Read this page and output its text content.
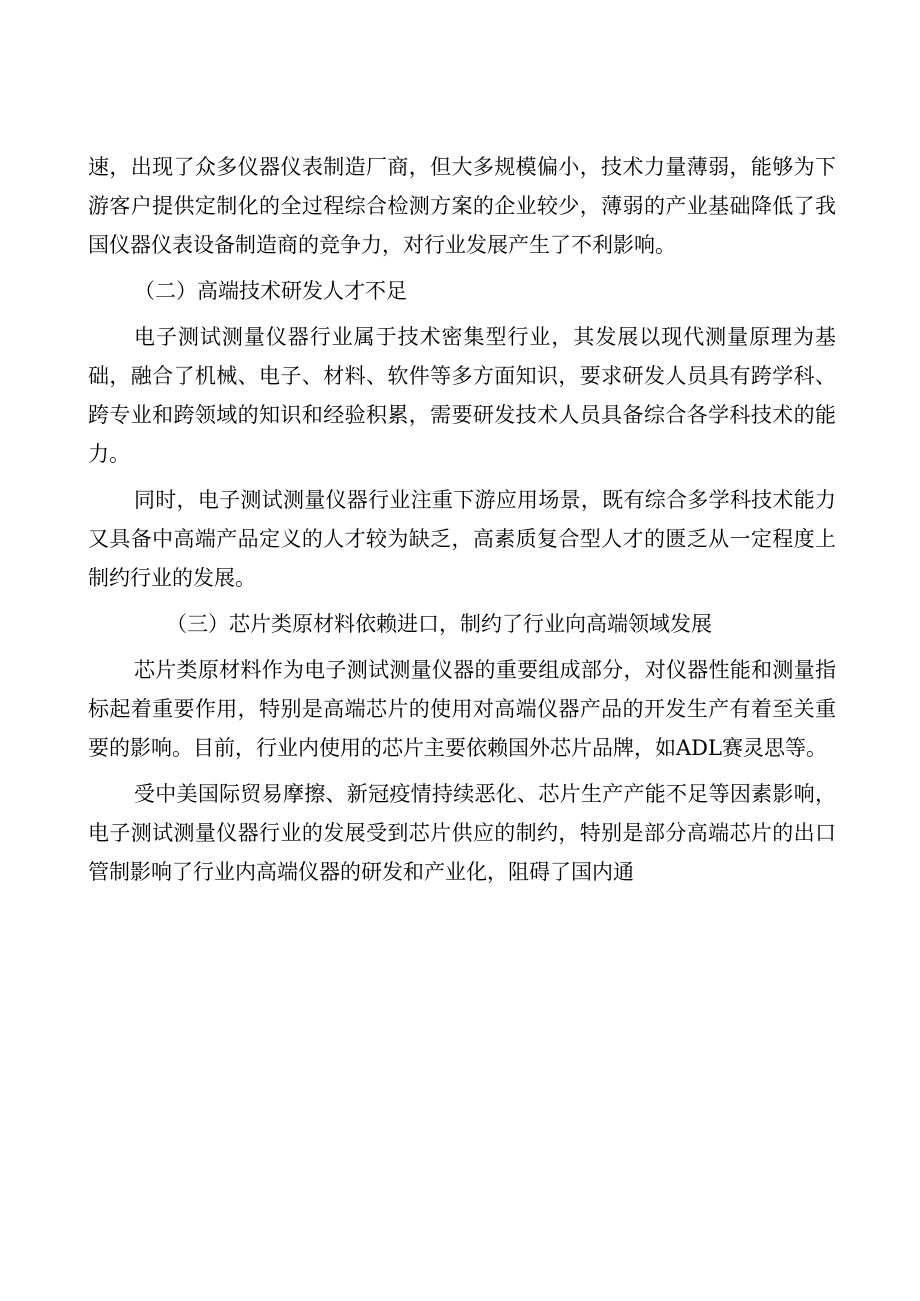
速，出现了众多仪器仪表制造厂商，但大多规模偏小，技术力量薄弱，能够为下游客户提供定制化的全过程综合检测方案的企业较少，薄弱的产业基础降低了我国仪器仪表设备制造商的竞争力，对行业发展产生了不利影响。

（二）高端技术研发人才不足

电子测试测量仪器行业属于技术密集型行业，其发展以现代测量原理为基础，融合了机械、电子、材料、软件等多方面知识，要求研发人员具有跨学科、跨专业和跨领域的知识和经验积累，需要研发技术人员具备综合各学科技术的能力。

同时，电子测试测量仪器行业注重下游应用场景，既有综合多学科技术能力又具备中高端产品定义的人才较为缺乏，高素质复合型人才的匮乏从一定程度上制约行业的发展。

（三）芯片类原材料依赖进口，制约了行业向高端领域发展

芯片类原材料作为电子测试测量仪器的重要组成部分，对仪器性能和测量指标起着重要作用，特别是高端芯片的使用对高端仪器产品的开发生产有着至关重要的影响。目前，行业内使用的芯片主要依赖国外芯片品牌，如ADL赛灵思等。

受中美国际贸易摩擦、新冠疫情持续恶化、芯片生产产能不足等因素影响，电子测试测量仪器行业的发展受到芯片供应的制约，特别是部分高端芯片的出口管制影响了行业内高端仪器的研发和产业化，阻碍了国内通
